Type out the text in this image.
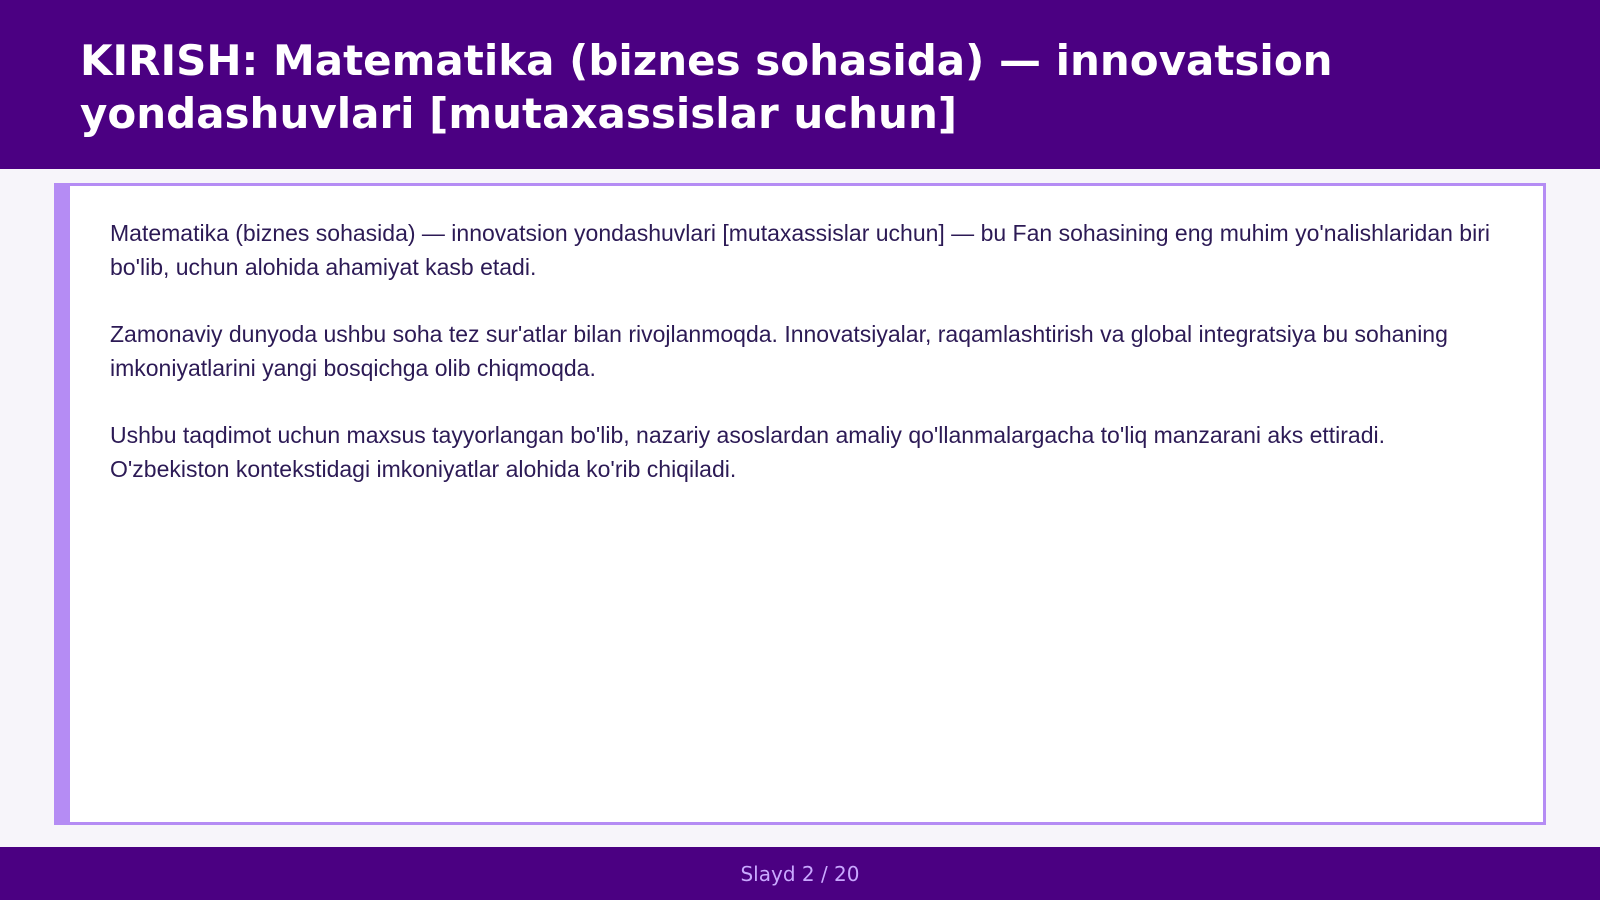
KIRISH: Matematika (biznes sohasida) — innovatsion yondashuvlari [mutaxassislar uchun]

Matematika (biznes sohasida) — innovatsion yondashuvlari [mutaxassislar uchun] — bu Fan sohasining eng muhim yo'nalishlaridan biri bo'lib, uchun alohida ahamiyat kasb etadi.

Zamonaviy dunyoda ushbu soha tez sur'atlar bilan rivojlanmoqda. Innovatsiyalar, raqamlashtirish va global integratsiya bu sohaning imkoniyatlarini yangi bosqichga olib chiqmoqda.

Ushbu taqdimot uchun maxsus tayyorlangan bo'lib, nazariy asoslardan amaliy qo'llanmalargacha to'liq manzarani aks ettiradi. O'zbekiston kontekstidagi imkoniyatlar alohida ko'rib chiqiladi.

Slayd 2 / 20
